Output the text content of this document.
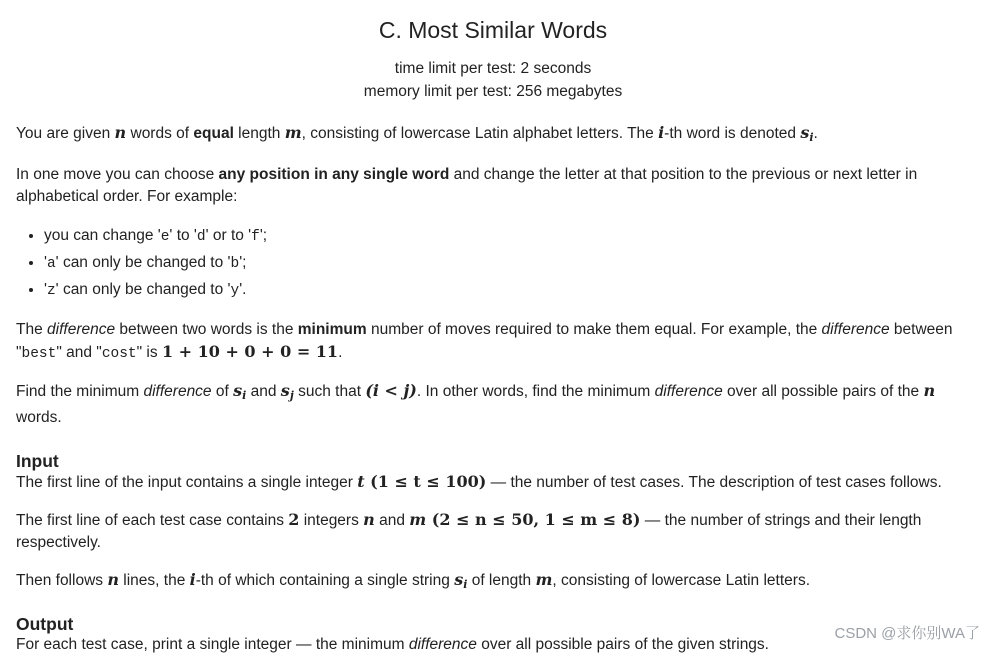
C. Most Similar Words
time limit per test: 2 seconds
memory limit per test: 256 megabytes

You are given n words of equal length m, consisting of lowercase Latin alphabet letters. The i-th word is denoted $s_i$.

In one move you can choose any position in any single word and change the letter at that position to the previous or next letter in alphabetical order. For example:

• you can change 'e' to 'd' or to 'f';
• 'a' can only be changed to 'b';
• 'z' can only be changed to 'y'.

The difference between two words is the minimum number of moves required to make them equal. For example, the difference between "best" and "cost" is 1 + 10 + 0 + 0 = 11.

Find the minimum difference of $s_i$ and $s_j$ such that (i < j). In other words, find the minimum difference over all possible pairs of the n words.

Input

The first line of the input contains a single integer t (1 ≤ t ≤ 100) — the number of test cases. The description of test cases follows.

The first line of each test case contains 2 integers n and m (2 ≤ n ≤ 50, 1 ≤ m ≤ 8) — the number of strings and their length respectively.

Then follows n lines, the i-th of which containing a single string $s_i$ of length m, consisting of lowercase Latin letters.

Output

For each test case, print a single integer — the minimum difference over all possible pairs of the given strings.

CSDN @求你别WA了
